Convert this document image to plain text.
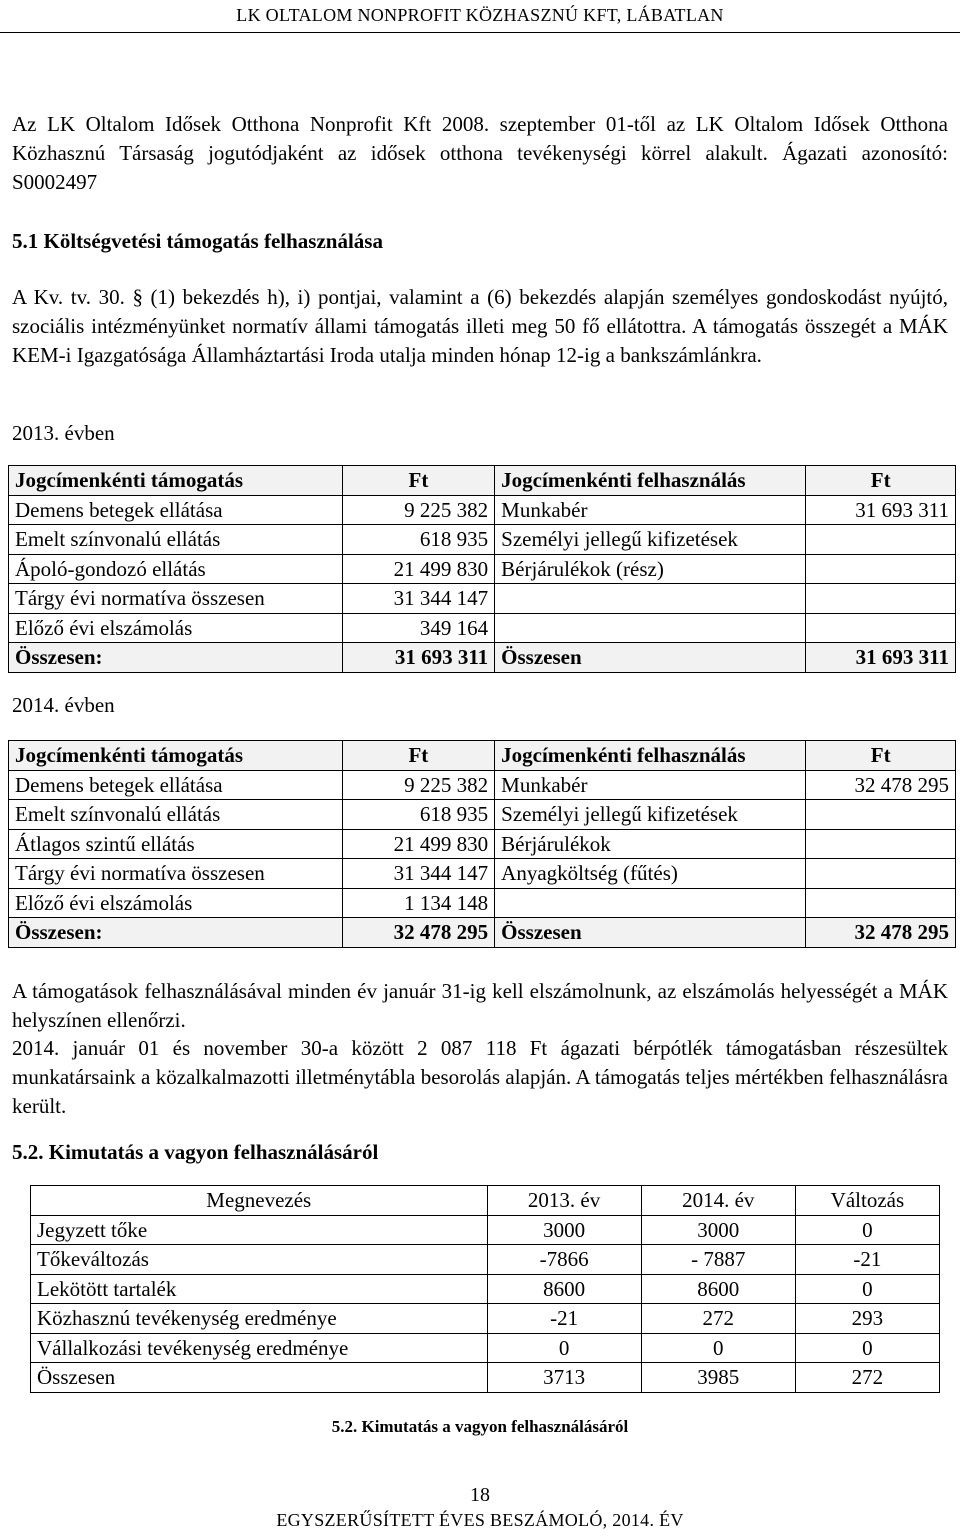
LK OLTALOM NONPROFIT KÖZHASZNÚ KFT, LÁBATLAN

Az LK Oltalom Idősek Otthona Nonprofit Kft 2008. szeptember 01-től az LK Oltalom Idősek Otthona Közhasznú Társaság jogutódjaként az idősek otthona tevékenységi körrel alakult. Ágazati azonosító: S0002497

5.1 Költségvetési támogatás felhasználása

A Kv. tv. 30. § (1) bekezdés h), i) pontjai, valamint a (6) bekezdés alapján személyes gondoskodást nyújtó, szociális intézményünket normatív állami támogatás illeti meg 50 fő ellátottra. A támogatás összegét a MÁK KEM-i Igazgatósága Államháztartási Iroda utalja minden hónap 12-ig a bankszámlánkra.

2013. évben

Jogcímenkénti támogatás	Ft	Jogcímenkénti felhasználás	Ft
Demens betegek ellátása	9 225 382	Munkabér	31 693 311
Emelt színvonalú ellátás	618 935	Személyi jellegű kifizetések	
Ápoló-gondozó ellátás	21 499 830	Bérjárulékok (rész)	
Tárgy évi normatíva összesen	31 344 147		
Előző évi elszámolás	349 164		
Összesen:	31 693 311	Összesen	31 693 311

2014. évben

Jogcímenkénti támogatás	Ft	Jogcímenkénti felhasználás	Ft
Demens betegek ellátása	9 225 382	Munkabér	32 478 295
Emelt színvonalú ellátás	618 935	Személyi jellegű kifizetések	
Átlagos szintű ellátás	21 499 830	Bérjárulékok	
Tárgy évi normatíva összesen	31 344 147	Anyagköltség (fűtés)	
Előző évi elszámolás	1 134 148		
Összesen:	32 478 295	Összesen	32 478 295

A támogatások felhasználásával minden év január 31-ig kell elszámolnunk, az elszámolás helyességét a MÁK helyszínen ellenőrzi.

2014. január 01 és november 30-a között 2 087 118 Ft ágazati bérpótlék támogatásban részesültek munkatársaink a közalkalmazotti illetménytábla besorolás alapján. A támogatás teljes mértékben felhasználásra került.

5.2. Kimutatás a vagyon felhasználásáról

Megnevezés	2013. év	2014. év	Változás
Jegyzett tőke	3000	3000	0
Tőkeváltozás	-7866	- 7887	-21
Lekötött tartalék	8600	8600	0
Közhasznú tevékenység eredménye	-21	272	293
Vállalkozási tevékenység eredménye	0	0	0
Összesen	3713	3985	272
5.2. Kimutatás a vagyon felhasználásáról
18
EGYSZERŰSÍTETT ÉVES BESZÁMOLÓ, 2014. ÉV
